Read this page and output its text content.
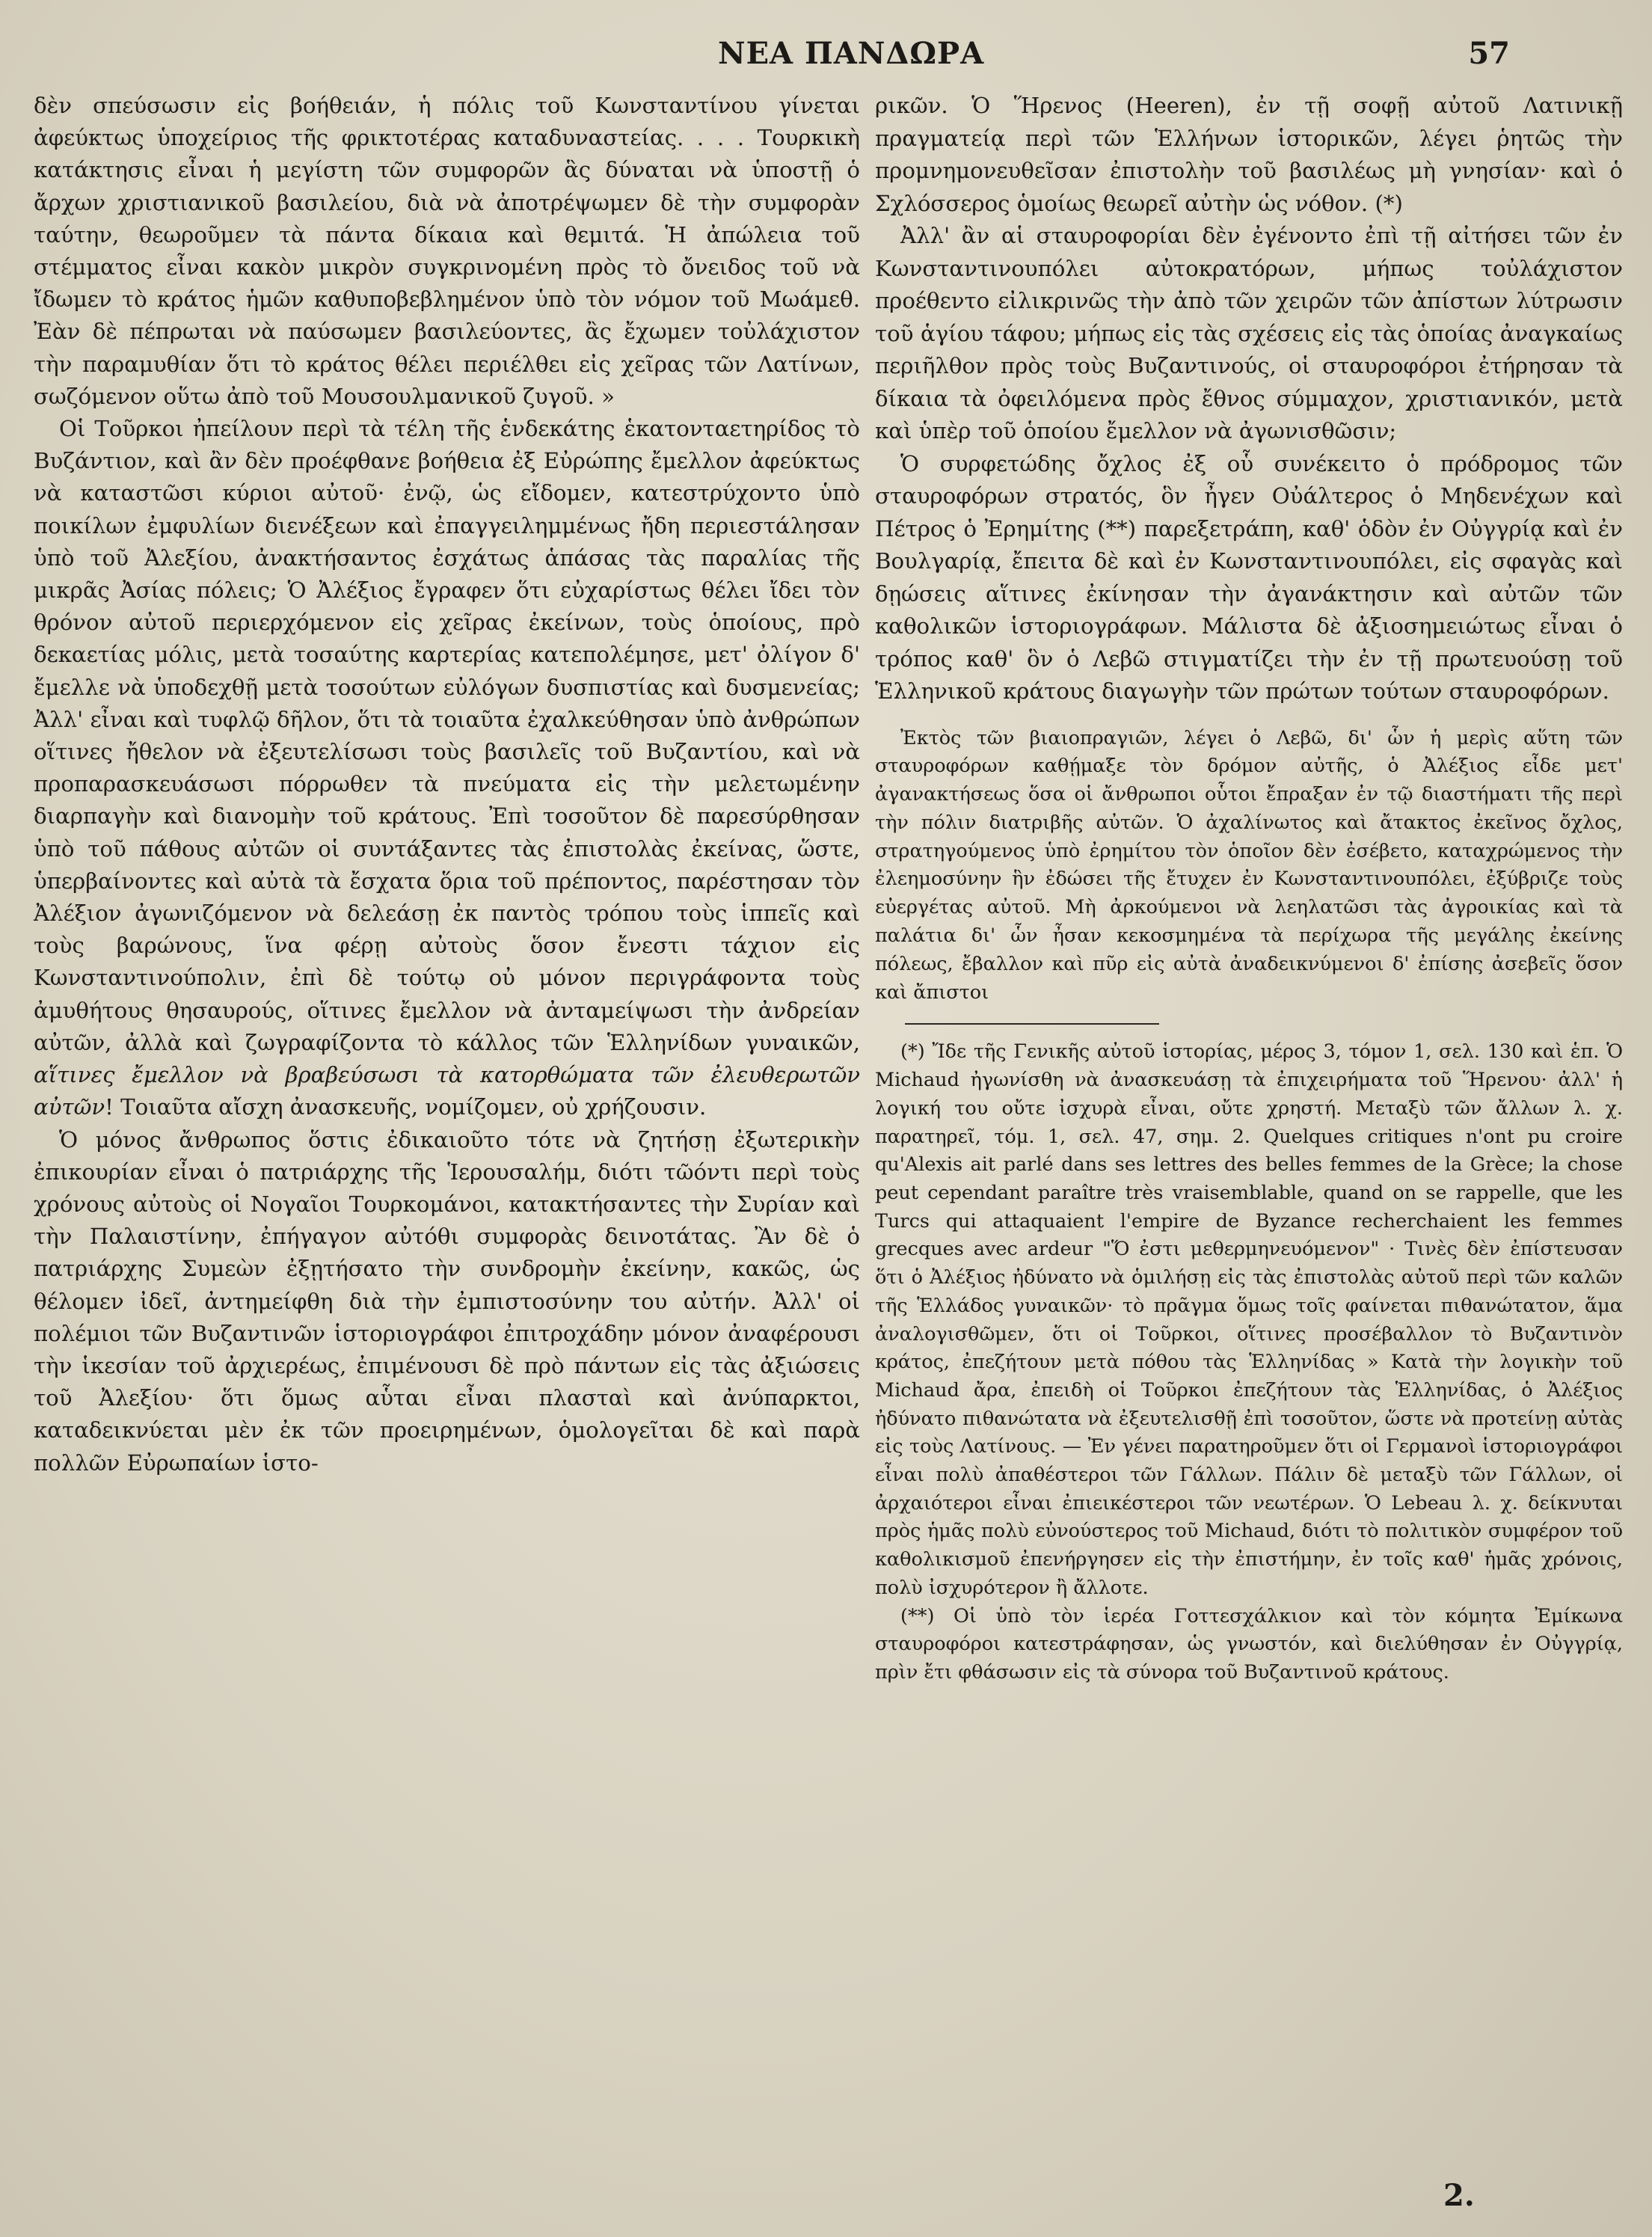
ΝΕΑ ΠΑΝΔΩΡΑ	57

δὲν σπεύσωσιν εἰς βοήθειάν, ἡ πόλις τοῦ Κωνσταντίνου γίνεται ἀφεύκτως ὑποχείριος τῆς φρικτοτέρας καταδυναστείας. . . . Τουρκικὴ κατάκτησις εἶναι ἡ μεγίστη τῶν συμφορῶν ἃς δύναται νὰ ὑποστῇ ὁ ἄρχων χριστιανικοῦ βασιλείου, διὰ νὰ ἀποτρέψωμεν δὲ τὴν συμφορὰν ταύτην, θεωροῦμεν τὰ πάντα δίκαια καὶ θεμιτά. Ἡ ἀπώλεια τοῦ στέμματος εἶναι κακὸν μικρὸν συγκρινομένη πρὸς τὸ ὄνειδος τοῦ νὰ ἴδωμεν τὸ κράτος ἡμῶν καθυποβεβλημένον ὑπὸ τὸν νόμον τοῦ Μωάμεθ. Ἐὰν δὲ πέπρωται νὰ παύσωμεν βασιλεύοντες, ἂς ἔχωμεν τοὐλάχιστον τὴν παραμυθίαν ὅτι τὸ κράτος θέλει περιέλθει εἰς χεῖρας τῶν Λατίνων, σωζόμενον οὕτω ἀπὸ τοῦ Μουσουλμανικοῦ ζυγοῦ. »

Οἱ Τοῦρκοι ἠπείλουν περὶ τὰ τέλη τῆς ἑνδεκάτης ἑκατονταετηρίδος τὸ Βυζάντιον, καὶ ἂν δὲν προέφθανε βοήθεια ἐξ Εὐρώπης ἔμελλον ἀφεύκτως νὰ καταστῶσι κύριοι αὐτοῦ· ἐνῷ, ὡς εἴδομεν, κατεστρύχοντο ὑπὸ ποικίλων ἐμφυλίων διενέξεων καὶ ἐπαγγειλημμένως ἤδη περιεστάλησαν ὑπὸ τοῦ Ἀλεξίου, ἀνακτήσαντος ἐσχάτως ἁπάσας τὰς παραλίας τῆς μικρᾶς Ἀσίας πόλεις; Ὁ Ἀλέξιος ἔγραφεν ὅτι εὐχαρίστως θέλει ἴδει τὸν θρόνον αὐτοῦ περιερχόμενον εἰς χεῖρας ἐκείνων, τοὺς ὁποίους, πρὸ δεκαετίας μόλις, μετὰ τοσαύτης καρτερίας κατεπολέμησε, μετ' ὀλίγον δ' ἔμελλε νὰ ὑποδεχθῇ μετὰ τοσούτων εὐλόγων δυσπιστίας καὶ δυσμενείας; Ἀλλ' εἶναι καὶ τυφλῷ δῆλον, ὅτι τὰ τοιαῦτα ἐχαλκεύθησαν ὑπὸ ἀνθρώπων οἵτινες ἤθελον νὰ ἐξευτελίσωσι τοὺς βασιλεῖς τοῦ Βυζαντίου, καὶ νὰ προπαρασκευάσωσι πόρρωθεν τὰ πνεύματα εἰς τὴν μελετωμένην διαρπαγὴν καὶ διανομὴν τοῦ κράτους. Ἐπὶ τοσοῦτον δὲ παρεσύρθησαν ὑπὸ τοῦ πάθους αὐτῶν οἱ συντάξαντες τὰς ἐπιστολὰς ἐκείνας, ὥστε, ὑπερβαίνοντες καὶ αὐτὰ τὰ ἔσχατα ὅρια τοῦ πρέποντος, παρέστησαν τὸν Ἀλέξιον ἀγωνιζόμενον νὰ δελεάσῃ ἐκ παντὸς τρόπου τοὺς ἱππεῖς καὶ τοὺς βαρώνους, ἵνα φέρῃ αὐτοὺς ὅσον ἔνεστι τάχιον εἰς Κωνσταντινούπολιν, ἐπὶ δὲ τούτῳ οὐ μόνον περιγράφοντα τοὺς ἀμυθήτους θησαυρούς, οἵτινες ἔμελλον νὰ ἀνταμείψωσι τὴν ἀνδρείαν αὐτῶν, ἀλλὰ καὶ ζωγραφίζοντα τὸ κάλλος τῶν Ἑλληνίδων γυναικῶν, αἵτινες ἔμελλον νὰ βραβεύσωσι τὰ κατορθώματα τῶν ἐλευθερωτῶν αὐτῶν! Τοιαῦτα αἴσχη ἀνασκευῆς, νομίζομεν, οὐ χρήζουσιν.

Ὁ μόνος ἄνθρωπος ὅστις ἐδικαιοῦτο τότε νὰ ζητήσῃ ἐξωτερικὴν ἐπικουρίαν εἶναι ὁ πατριάρχης τῆς Ἱερουσαλήμ, διότι τῶόντι περὶ τοὺς χρόνους αὐτοὺς οἱ Νογαῖοι Τουρκομάνοι, κατακτήσαντες τὴν Συρίαν καὶ τὴν Παλαιστίνην, ἐπήγαγον αὐτόθι συμφορὰς δεινοτάτας. Ἂν δὲ ὁ πατριάρχης Συμεὼν ἐξῃτήσατο τὴν συνδρομὴν ἐκείνην, κακῶς, ὡς θέλομεν ἰδεῖ, ἀντημείφθη διὰ τὴν ἐμπιστοσύνην του αὐτήν. Ἀλλ' οἱ πολέμιοι τῶν Βυζαντινῶν ἱστοριογράφοι ἐπιτροχάδην μόνον ἀναφέρουσι τὴν ἱκεσίαν τοῦ ἀρχιερέως, ἐπιμένουσι δὲ πρὸ πάντων εἰς τὰς ἀξιώσεις τοῦ Ἀλεξίου· ὅτι ὅμως αὗται εἶναι πλασταὶ καὶ ἀνύπαρκτοι, καταδεικνύεται μὲν ἐκ τῶν προειρημένων, ὁμολογεῖται δὲ καὶ παρὰ πολλῶν Εὐρωπαίων ἱστο-

ρικῶν. Ὁ Ἥρενος (Heeren), ἐν τῇ σοφῇ αὐτοῦ Λατινικῇ πραγματείᾳ περὶ τῶν Ἑλλήνων ἱστορικῶν, λέγει ῥητῶς τὴν προμνημονευθεῖσαν ἐπιστολὴν τοῦ βασιλέως μὴ γνησίαν· καὶ ὁ Σχλόσσερος ὁμοίως θεωρεῖ αὐτὴν ὡς νόθον. (*)

Ἀλλ' ἂν αἱ σταυροφορίαι δὲν ἐγένοντο ἐπὶ τῇ αἰτήσει τῶν ἐν Κωνσταντινουπόλει αὐτοκρατόρων, μήπως τοὐλάχιστον προέθεντο εἰλικρινῶς τὴν ἀπὸ τῶν χειρῶν τῶν ἀπίστων λύτρωσιν τοῦ ἁγίου τάφου; μήπως εἰς τὰς σχέσεις εἰς τὰς ὁποίας ἀναγκαίως περιῆλθον πρὸς τοὺς Βυζαντινούς, οἱ σταυροφόροι ἐτήρησαν τὰ δίκαια τὰ ὀφειλόμενα πρὸς ἔθνος σύμμαχον, χριστιανικόν, μετὰ καὶ ὑπὲρ τοῦ ὁποίου ἔμελλον νὰ ἀγωνισθῶσιν;

Ὁ συρφετώδης ὄχλος ἐξ οὗ συνέκειτο ὁ πρόδρομος τῶν σταυροφόρων στρατός, ὃν ἦγεν Οὐάλτερος ὁ Μηδενέχων καὶ Πέτρος ὁ Ἐρημίτης (**) παρεξετράπη, καθ' ὁδὸν ἐν Οὐγγρίᾳ καὶ ἐν Βουλγαρίᾳ, ἔπειτα δὲ καὶ ἐν Κωνσταντινουπόλει, εἰς σφαγὰς καὶ δῃώσεις αἵτινες ἐκίνησαν τὴν ἀγανάκτησιν καὶ αὐτῶν τῶν καθολικῶν ἱστοριογράφων. Μάλιστα δὲ ἀξιοσημειώτως εἶναι ὁ τρόπος καθ' ὃν ὁ Λεβῶ στιγματίζει τὴν ἐν τῇ πρωτευούσῃ τοῦ Ἑλληνικοῦ κράτους διαγωγὴν τῶν πρώτων τούτων σταυροφόρων.

Ἐκτὸς τῶν βιαιοπραγιῶν, λέγει ὁ Λεβῶ, δι' ὧν ἡ μερὶς αὕτη τῶν σταυροφόρων καθῄμαξε τὸν δρόμον αὐτῆς, ὁ Ἀλέξιος εἶδε μετ' ἀγανακτήσεως ὅσα οἱ ἄνθρωποι οὗτοι ἔπραξαν ἐν τῷ διαστήματι τῆς περὶ τὴν πόλιν διατριβῆς αὐτῶν. Ὁ ἀχαλίνωτος καὶ ἄτακτος ἐκεῖνος ὄχλος, στρατηγούμενος ὑπὸ ἐρημίτου τὸν ὁποῖον δὲν ἐσέβετο, καταχρώμενος τὴν ἐλεημοσύνην ἣν ἐδώσει τῆς ἔτυχεν ἐν Κωνσταντινουπόλει, ἐξύβριζε τοὺς εὐεργέτας αὐτοῦ. Μὴ ἀρκούμενοι νὰ λεηλατῶσι τὰς ἀγροικίας καὶ τὰ παλάτια δι' ὧν ἦσαν κεκοσμημένα τὰ περίχωρα τῆς μεγάλης ἐκείνης πόλεως, ἔβαλλον καὶ πῦρ εἰς αὐτὰ ἀναδεικνύμενοι δ' ἐπίσης ἀσεβεῖς ὅσον καὶ ἄπιστοι

(*) Ἴδε τῆς Γενικῆς αὐτοῦ ἱστορίας, μέρος 3, τόμον 1, σελ. 130 καὶ ἑπ. Ὁ Michaud ἠγωνίσθη νὰ ἀνασκευάσῃ τὰ ἐπιχειρήματα τοῦ Ἥρενου· ἀλλ' ἡ λογική του οὔτε ἰσχυρὰ εἶναι, οὔτε χρηστή. Μεταξὺ τῶν ἄλλων λ. χ. παρατηρεῖ, τόμ. 1, σελ. 47, σημ. 2. Quelques critiques n'ont pu croire qu'Alexis ait parlé dans ses lettres des belles femmes de la Grèce; la chose peut cependant paraître très vraisemblable, quand on se rappelle, que les Turcs qui attaquaient l'empire de Byzance recherchaient les femmes grecques avec ardeur "Ὅ ἐστι μεθερμηνευόμενον" · Τινὲς δὲν ἐπίστευσαν ὅτι ὁ Ἀλέξιος ἠδύνατο νὰ ὁμιλήσῃ εἰς τὰς ἐπιστολὰς αὐτοῦ περὶ τῶν καλῶν τῆς Ἑλλάδος γυναικῶν· τὸ πρᾶγμα ὅμως τοῖς φαίνεται πιθανώτατον, ἅμα ἀναλογισθῶμεν, ὅτι οἱ Τοῦρκοι, οἵτινες προσέβαλλον τὸ Βυζαντινὸν κράτος, ἐπεζήτουν μετὰ πόθου τὰς Ἑλληνίδας » Κατὰ τὴν λογικὴν τοῦ Michaud ἄρα, ἐπειδὴ οἱ Τοῦρκοι ἐπεζήτουν τὰς Ἑλληνίδας, ὁ Ἀλέξιος ἠδύνατο πιθανώτατα νὰ ἐξευτελισθῇ ἐπὶ τοσοῦτον, ὥστε νὰ προτείνῃ αὐτὰς εἰς τοὺς Λατίνους. — Ἐν γένει παρατηροῦμεν ὅτι οἱ Γερμανοὶ ἱστοριογράφοι εἶναι πολὺ ἀπαθέστεροι τῶν Γάλλων. Πάλιν δὲ μεταξὺ τῶν Γάλλων, οἱ ἀρχαιότεροι εἶναι ἐπιεικέστεροι τῶν νεωτέρων. Ὁ Lebeau λ. χ. δείκνυται πρὸς ἡμᾶς πολὺ εὐνούστερος τοῦ Michaud, διότι τὸ πολιτικὸν συμφέρον τοῦ καθολικισμοῦ ἐπενήργησεν εἰς τὴν ἐπιστήμην, ἐν τοῖς καθ' ἡμᾶς χρόνοις, πολὺ ἰσχυρότερον ἢ ἄλλοτε.

(**) Οἱ ὑπὸ τὸν ἱερέα Γοττεσχάλκιον καὶ τὸν κόμητα Ἐμίκωνα σταυροφόροι κατεστράφησαν, ὡς γνωστόν, καὶ διελύθησαν ἐν Οὐγγρίᾳ, πρὶν ἔτι φθάσωσιν εἰς τὰ σύνορα τοῦ Βυζαντινοῦ κράτους.

2.
